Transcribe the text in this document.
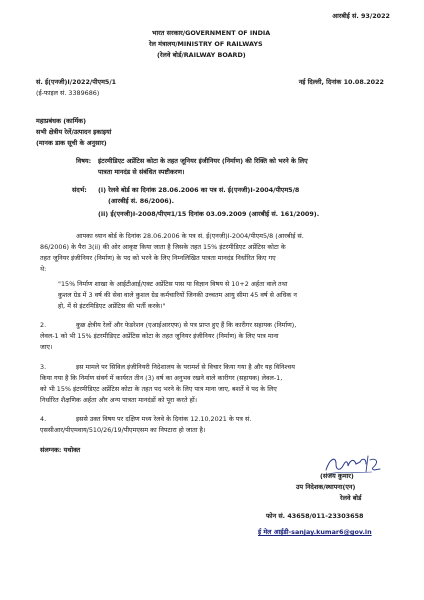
आरबीई सं. 93/2022
भारत सरकार/GOVERNMENT OF INDIA
रेल मंत्रालय/MINISTRY OF RAILWAYS
(रेलवे बोर्ड/RAILWAY BOARD)
सं. ई(एनजी)I/2022/पीएम5/1
(ई-फाइल सं. 3389686)
नई दिल्ली, दिनांक 10.08.2022
महाप्रबंधक (कार्मिक)
सभी क्षेत्रीय रेलें/उत्पादन इकाइयां
(मानक डाक सूची के अनुसार)
विषय: इंटरमीडिएट अप्रेंटिस कोटा के तहत जूनियर इंजीनियर (निर्माण) की रिक्ति को भरने के लिए
पात्रता मानदंड से संबंधित स्पष्टीकरण।
संदर्भ: (i) रेलवे बोर्ड का दिनांक 28.06.2006 का पत्र सं. ई(एनजी)I-2004/पीएम5/8
(आरबीई सं. 86/2006).
(ii) ई(एनजी)I-2008/पीएम1/15 दिनांक 03.09.2009 (आरबीई सं. 161/2009).
आपका ध्यान बोर्ड के दिनांक 28.06.2006 के पत्र सं. ई(एनजी)I-2004/पीएम5/8 (आरबीई सं.
86/2006) के पैरा 3(ii) की ओर आकृष्ट किया जाता है जिसके तहत 15% इंटरमीडिएट अप्रेंटिस कोटा के
तहत जूनियर इंजीनियर (निर्माण) के पद को भरने के लिए निम्नलिखित पात्रता मानदंड निर्धारित किए गए
थे:
"15% निर्माण शाखा के आईटीआई/एक्ट अप्रेंटिस पास या विज्ञान विषय से 10+2 अर्हता वाले तथा
कुशल ग्रेड में 3 वर्ष की सेवा वाले कुशल ग्रेड कर्मचारियों जिनकी उच्चतम आयु सीमा 45 वर्ष से अधिक न
हो, में से इंटरमिडिएट अप्रेंटिस की भर्ती करके।"
2.	कुछ क्षेत्रीय रेलों और फेडरेशन (एआईआरएफ) से पत्र प्राप्त हुए हैं कि कारीगर सहायक (निर्माण),
लेवल-1 को भी 15% इंटरमीडिएट अप्रेंटिस कोटा के तहत जूनियर इंजीनियर (निर्माण) के लिए पात्र माना
जाए।
3.	इस मामले पर सिविल इंजीनियरी निदेशालय के परामर्श से विचार किया गया है और यह विनिश्चय
किया गया है कि निर्माण संवर्ग में कार्यरत तीन (3) वर्ष का अनुभव रखने वाले कारीगर (सहायक) लेवल-1,
को भी 15% इंटरमीडिएट अप्रेंटिस कोटा के तहत पद भरने के लिए पात्र माना जाए, बशर्ते वे पद के लिए
निर्धारित शैक्षणिक अर्हता और अन्य पात्रता मानदंडों को पूरा करते हों।
4.	इससे उक्त विषय पर दक्षिण मध्य रेलवे के दिनांक 12.10.2021 के पत्र सं.
एससीआर/पीएमवाय/510/26/19/पीएमएसम का निपटारा हो जाता है।
संलग्नक: यथोक्त
(संजय कुमार)
उप निदेशक/स्थापना(एन)
रेलवे बोर्ड
फोन सं. 43658/011-23303658
ई मेल आईडी-sanjay.kumar6@gov.in
